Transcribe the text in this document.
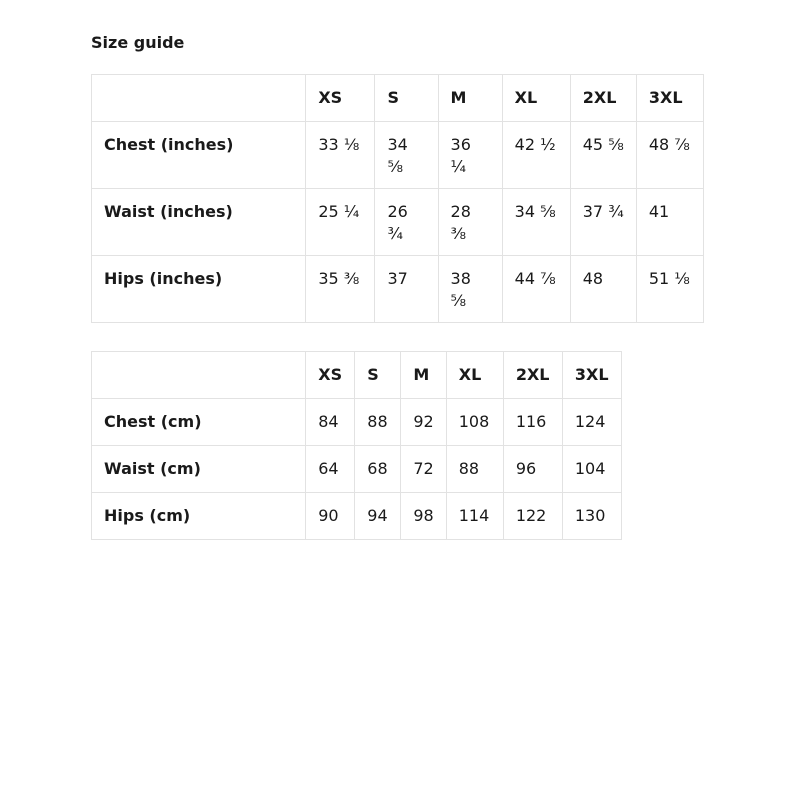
Size guide
	XS	S	M	XL	2XL	3XL
Chest (inches)	33 ⅛	34 ⅝	36 ¼	42 ½	45 ⅝	48 ⅞
Waist (inches)	25 ¼	26 ¾	28 ⅜	34 ⅝	37 ¾	41
Hips (inches)	35 ⅜	37	38 ⅝	44 ⅞	48	51 ⅛
	XS	S	M	XL	2XL	3XL
Chest (cm)	84	88	92	108	116	124
Waist (cm)	64	68	72	88	96	104
Hips (cm)	90	94	98	114	122	130
